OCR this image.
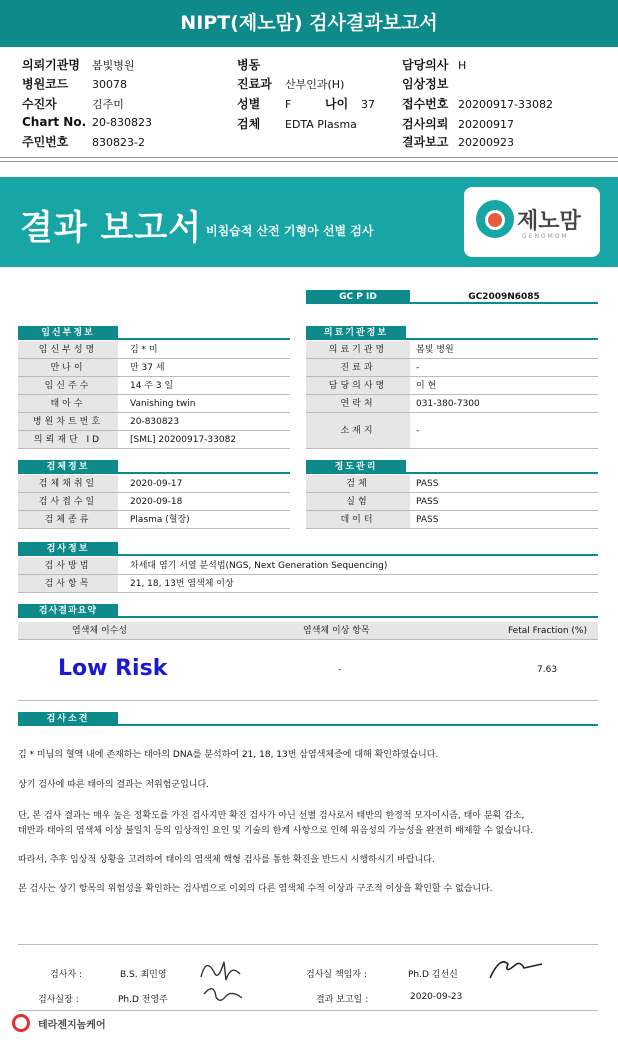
NIPT(제노맘) 검사결과보고서
의뢰기관명 봄빛병원
병원코드 30078
수진자	김주미
Chart No. 20-830823
주민번호 830823-2
병동
진료과 산부인과(H)
성별 F	나이 37
검체 EDTA Plasma
담당의사 H
임상정보
접수번호 20200917-33082
검사의뢰 20200917
결과보고 20200923
결과 보고서 비침습적 산전 기형아 선별 검사	제노맘
GENOMOM
GC P ID	GC2009N6085
임신부정보	의료기관정보
검체정보	정도관리
검사정보
임신부성명	김 * 미
만나이	만 37 세
임신주수	14 주 3 일
태아수	Vanishing twin
병원차트번호	20-830823
의뢰재단 ID	[SML] 20200917-33082
의료기관명	봄빛 병원
진료과	-
담당의사명	이 현
연락처	031-380-7300
소재지	-
검체채취일	2020-09-17
검사접수일	2020-09-18
검체종류	Plasma (혈장)
검체	PASS
실험	PASS
데이터	PASS
검사방법	차세대 염기 서열 분석법(NGS, Next Generation Sequencing)
검사항목	21, 18, 13번 염색체 이상
검사결과요약
염색체 이수성	염색체 이상 항목	Fetal Fraction (%)
Low Risk	-	7.63
검사소견
김 * 미님의 혈액 내에 존재하는 태아의 DNA를 분석하여 21, 18, 13번 삼염색체증에 대해 확인하였습니다.
상기 검사에 따른 태아의 결과는 저위험군입니다.
단, 본 검사 결과는 매우 높은 정확도를 가진 검사지만 확진 검사가 아닌 선별 검사로서 태반의 한정적 모자이시즘, 태아 분획 감소,
태반과 태아의 염색체 이상 불일치 등의 임상적인 요인 및 기술의 한계 사항으로 인해 위음성의 가능성을 완전히 배제할 수 없습니다.
따라서, 추후 임상적 상황을 고려하여 태아의 염색체 핵형 검사를 통한 확진을 반드시 시행하시기 바랍니다.
본 검사는 상기 항목의 위험성을 확인하는 검사법으로 이외의 다른 염색체 수적 이상과 구조적 이상을 확인할 수 없습니다.
검사자 :	B.S. 최민영	검사실 책임자 :	Ph.D 김선신
검사실장 :	Ph.D 전영주	결과 보고일 :	2020-09-23
테라젠지놈케어
